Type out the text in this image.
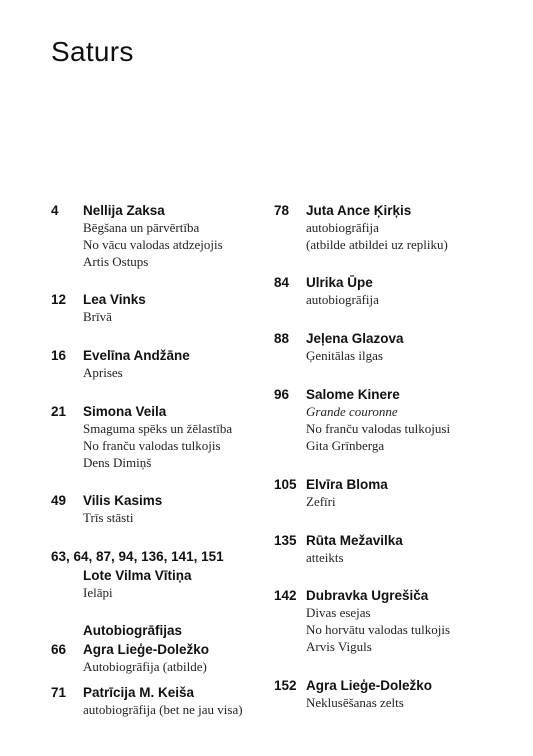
Saturs
4 Nellija Zaksa
Bēgšana un pārvērtība
No vācu valodas atdzejojis
Artis Ostups
12 Lea Vinks
Brīvā
16 Evelīna Andžāne
Aprises
21 Simona Veila
Smaguma spēks un žēlastība
No franču valodas tulkojis
Dens Dimiņš
49 Vilis Kasims
Trīs stāsti
63, 64, 87, 94, 136, 141, 151
Lote Vilma Vītiņa
Ielāpi
Autobiogrāfijas
66 Agra Lieģe-Doležko
Autobiogrāfija (atbilde)
71 Patrīcija M. Keiša
autobiogrāfija (bet ne jau visa)
78 Juta Ance Ķirķis
autobiogrāfija
(atbilde atbildei uz repliku)
84 Ulrika Ūpe
autobiogrāfija
88 Jeļena Glazova
Ģenitālas ilgas
96 Salome Kinere
Grande couronne
No franču valodas tulkojusi
Gita Grīnberga
105 Elvīra Bloma
Zefīri
135 Rūta Mežavilka
atteikts
142 Dubravka Ugrešiča
Divas esejas
No horvātu valodas tulkojis
Arvis Viguls
152 Agra Lieģe-Doležko
Neklusēšanas zelts
